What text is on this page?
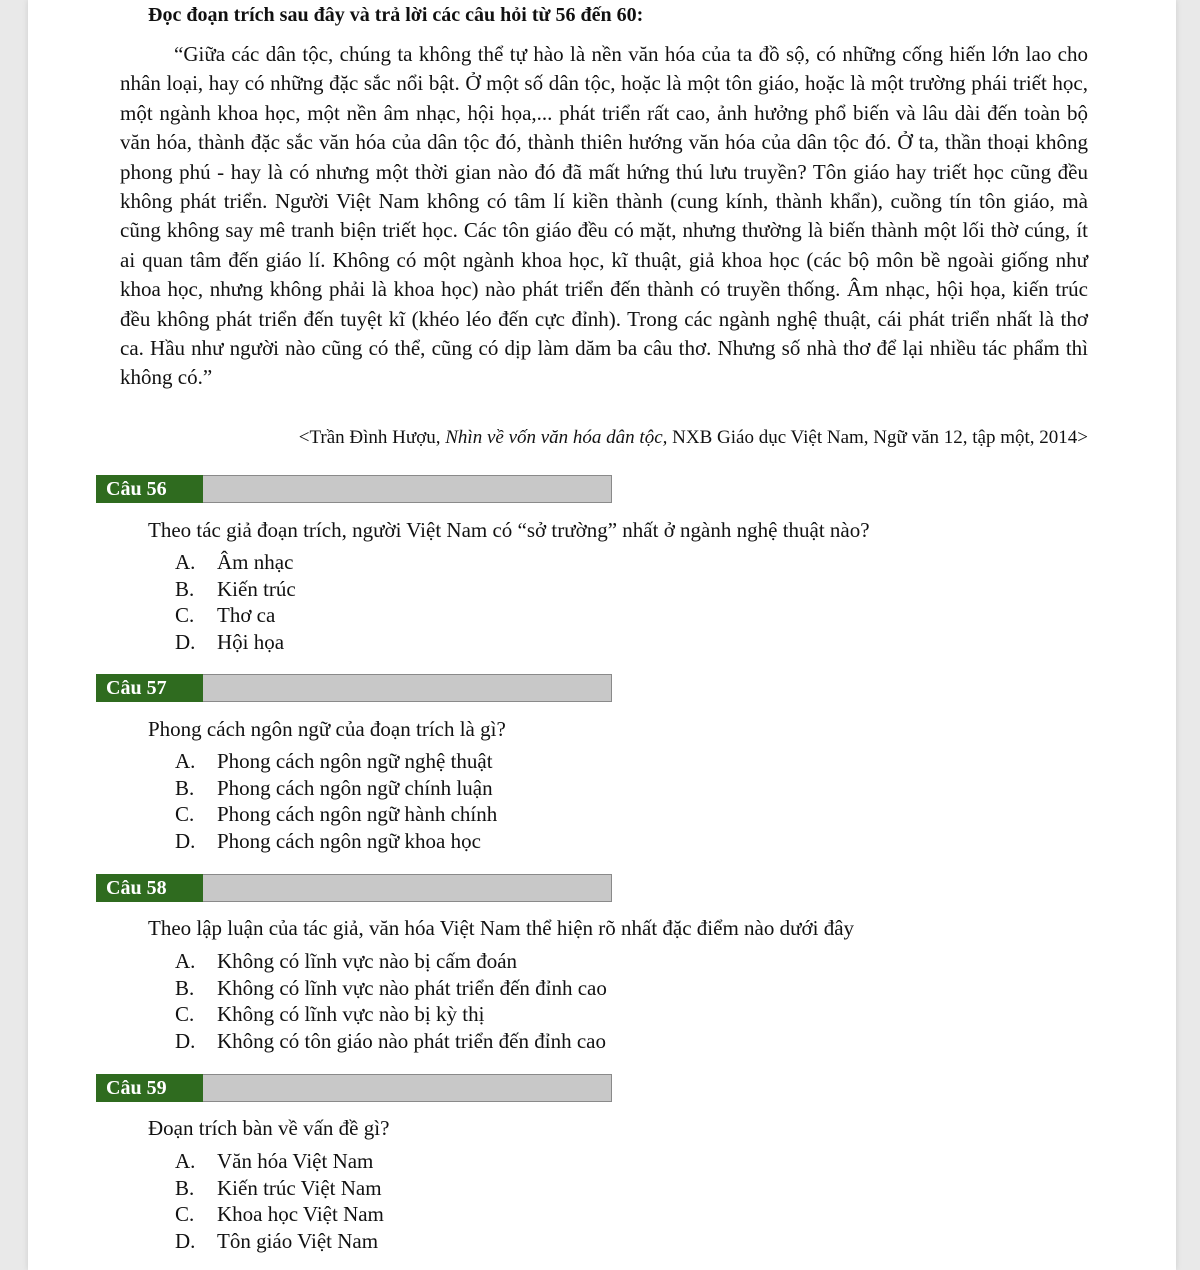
Đọc đoạn trích sau đây và trả lời các câu hỏi từ 56 đến 60:

“Giữa các dân tộc, chúng ta không thể tự hào là nền văn hóa của ta đồ sộ, có những cống hiến lớn lao cho nhân loại, hay có những đặc sắc nổi bật. Ở một số dân tộc, hoặc là một tôn giáo, hoặc là một trường phái triết học, một ngành khoa học, một nền âm nhạc, hội họa,... phát triển rất cao, ảnh hưởng phổ biến và lâu dài đến toàn bộ văn hóa, thành đặc sắc văn hóa của dân tộc đó, thành thiên hướng văn hóa của dân tộc đó. Ở ta, thần thoại không phong phú - hay là có nhưng một thời gian nào đó đã mất hứng thú lưu truyền? Tôn giáo hay triết học cũng đều không phát triển. Người Việt Nam không có tâm lí kiền thành (cung kính, thành khẩn), cuồng tín tôn giáo, mà cũng không say mê tranh biện triết học. Các tôn giáo đều có mặt, nhưng thường là biến thành một lối thờ cúng, ít ai quan tâm đến giáo lí. Không có một ngành khoa học, kĩ thuật, giả khoa học (các bộ môn bề ngoài giống như khoa học, nhưng không phải là khoa học) nào phát triển đến thành có truyền thống. Âm nhạc, hội họa, kiến trúc đều không phát triển đến tuyệt kĩ (khéo léo đến cực đỉnh). Trong các ngành nghệ thuật, cái phát triển nhất là thơ ca. Hầu như người nào cũng có thể, cũng có dịp làm dăm ba câu thơ. Nhưng số nhà thơ để lại nhiều tác phẩm thì không có.”

<Trần Đình Hượu, Nhìn về vốn văn hóa dân tộc, NXB Giáo dục Việt Nam, Ngữ văn 12, tập một, 2014>
Câu 56
Theo tác giả đoạn trích, người Việt Nam có “sở trường” nhất ở ngành nghệ thuật nào?
A. Âm nhạc
B. Kiến trúc
C. Thơ ca
D. Hội họa
Câu 57
Phong cách ngôn ngữ của đoạn trích là gì?
A. Phong cách ngôn ngữ nghệ thuật
B. Phong cách ngôn ngữ chính luận
C. Phong cách ngôn ngữ hành chính
D. Phong cách ngôn ngữ khoa học
Câu 58
Theo lập luận của tác giả, văn hóa Việt Nam thể hiện rõ nhất đặc điểm nào dưới đây
A. Không có lĩnh vực nào bị cấm đoán
B. Không có lĩnh vực nào phát triển đến đỉnh cao
C. Không có lĩnh vực nào bị kỳ thị
D. Không có tôn giáo nào phát triển đến đỉnh cao
Câu 59
Đoạn trích bàn về vấn đề gì?
A. Văn hóa Việt Nam
B. Kiến trúc Việt Nam
C. Khoa học Việt Nam
D. Tôn giáo Việt Nam
